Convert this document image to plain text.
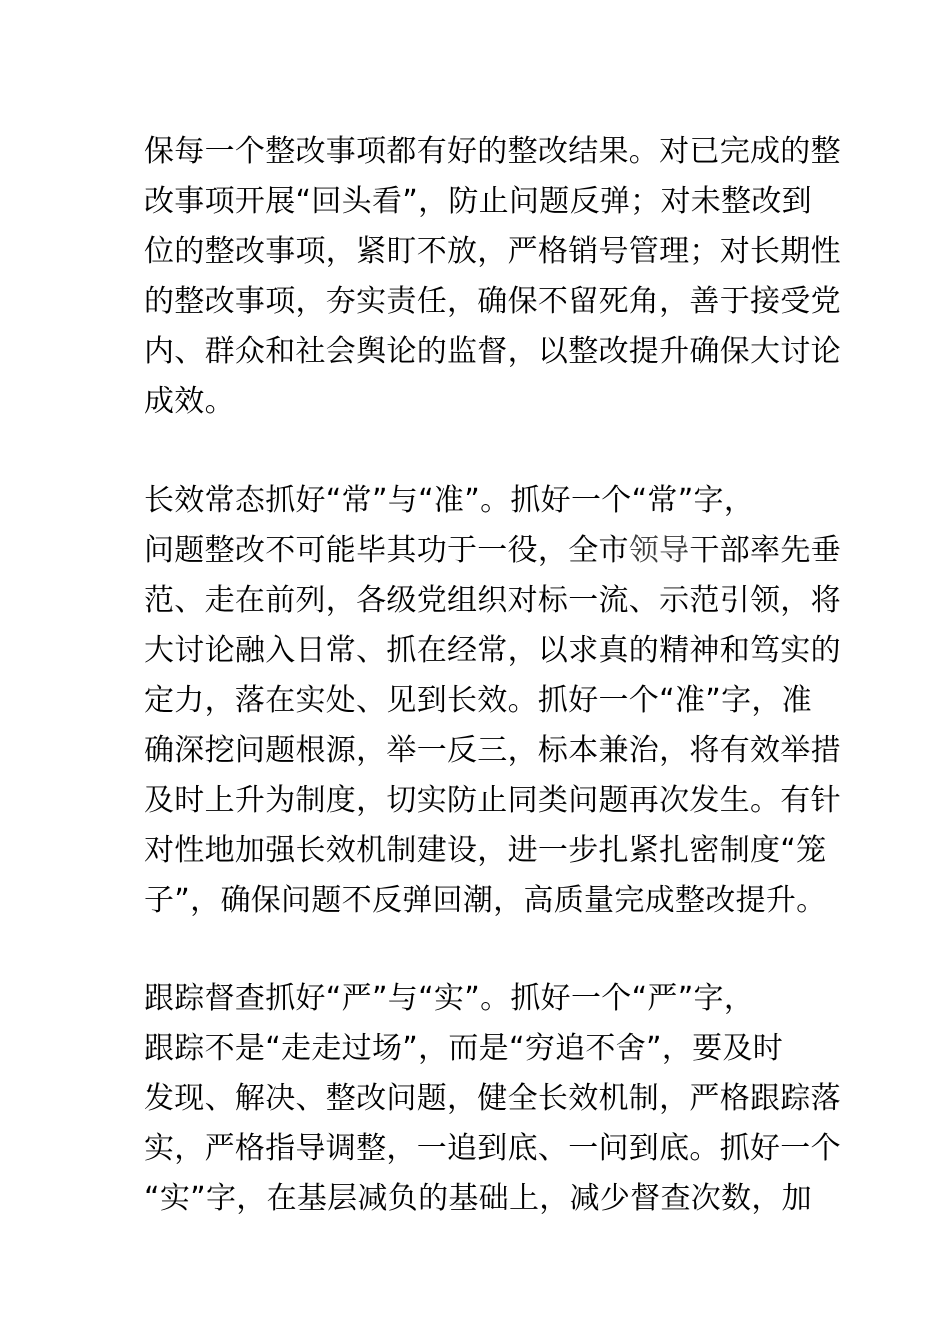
保每一个整改事项都有好的整改结果。对已完成的整
改事项开展“回头看”，防止问题反弹；对未整改到
位的整改事项，紧盯不放，严格销号管理；对长期性
的整改事项，夯实责任，确保不留死角，善于接受党
内、群众和社会舆论的监督，以整改提升确保大讨论
成效。
长效常态抓好“常”与“准”。抓好一个“常”字，
问题整改不可能毕其功于一役，全市领导干部率先垂
范、走在前列，各级党组织对标一流、示范引领，将
大讨论融入日常、抓在经常，以求真的精神和笃实的
定力，落在实处、见到长效。抓好一个“准”字，准
确深挖问题根源，举一反三，标本兼治，将有效举措
及时上升为制度，切实防止同类问题再次发生。有针
对性地加强长效机制建设，进一步扎紧扎密制度“笼
子”，确保问题不反弹回潮，高质量完成整改提升。
跟踪督查抓好“严”与“实”。抓好一个“严”字，
跟踪不是“走走过场”，而是“穷追不舍”，要及时
发现、解决、整改问题，健全长效机制，严格跟踪落
实，严格指导调整，一追到底、一问到底。抓好一个
“实”字，在基层减负的基础上，减少督查次数，加
